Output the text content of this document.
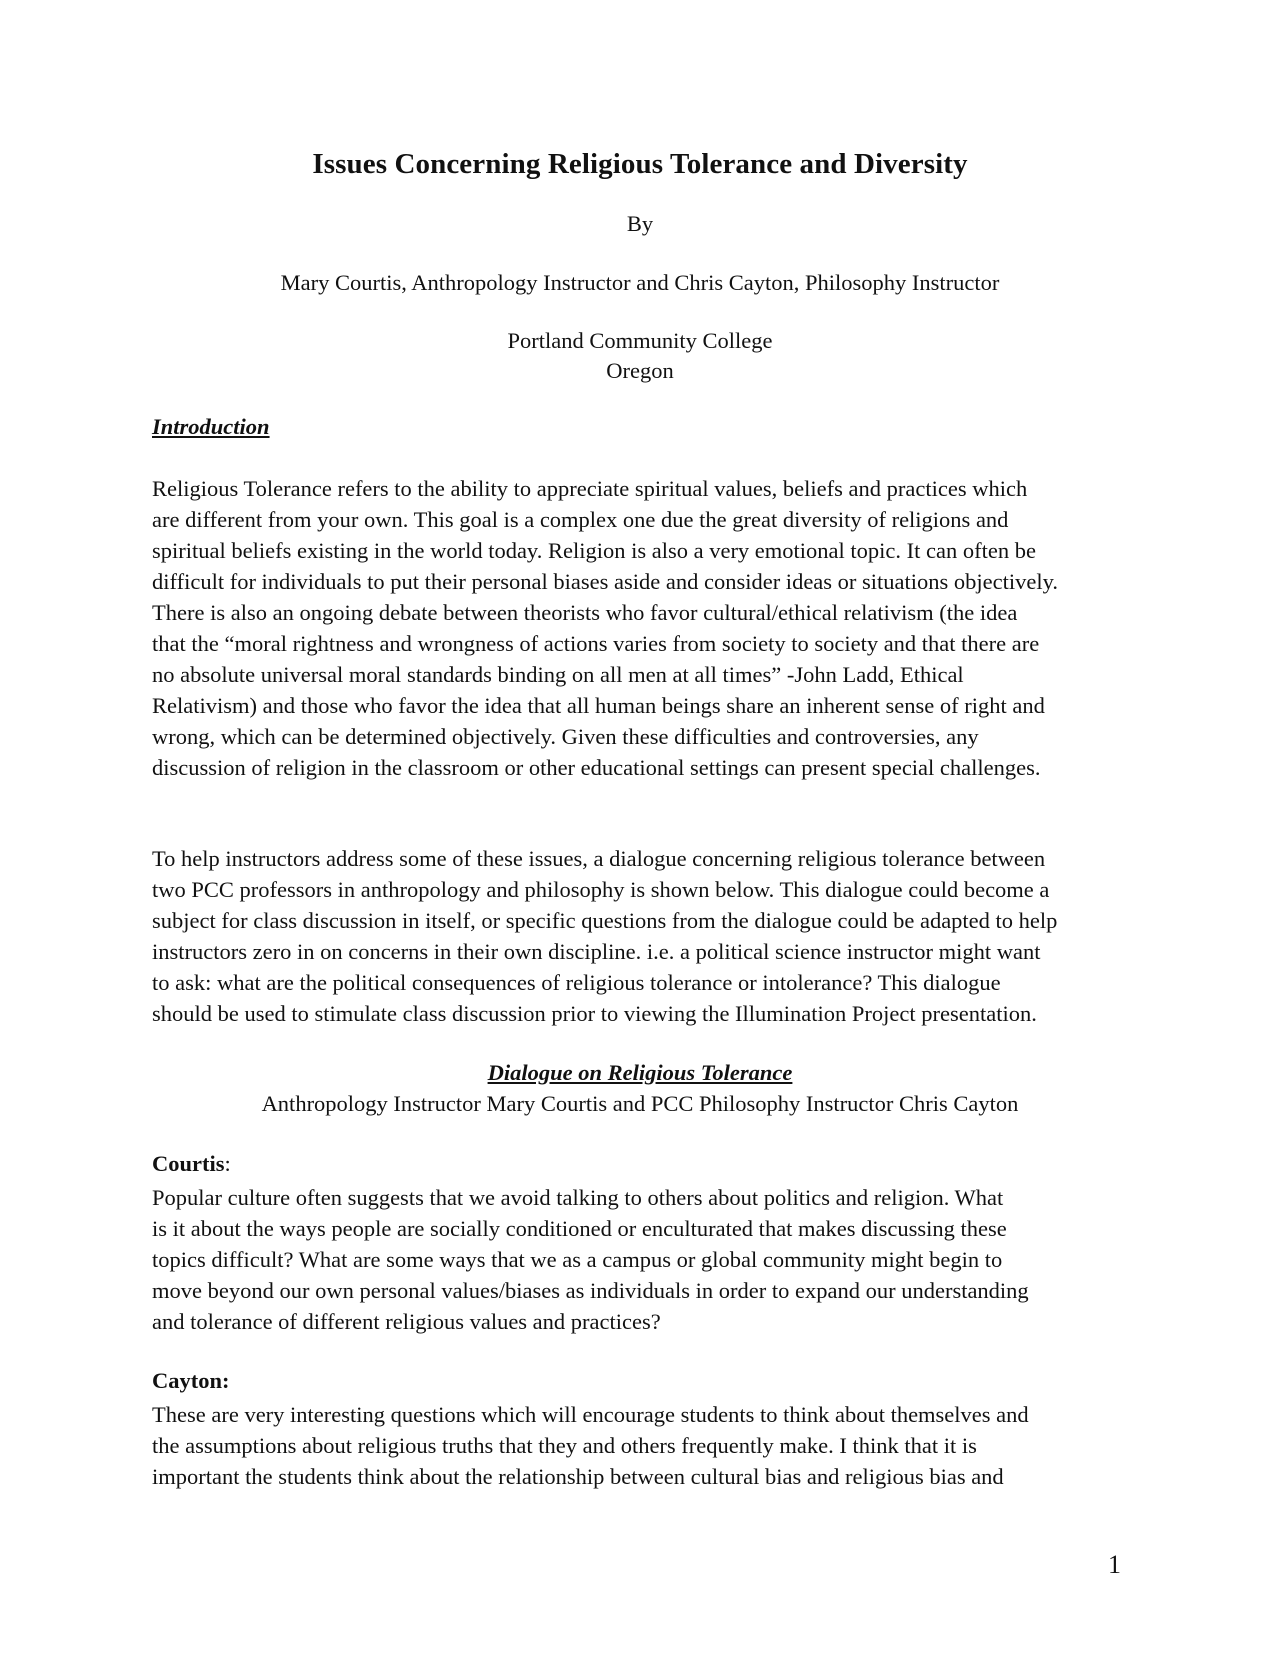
Issues Concerning Religious Tolerance and Diversity
By
Mary Courtis, Anthropology Instructor and Chris Cayton, Philosophy Instructor
Portland Community College
Oregon
Introduction
Religious Tolerance refers to the ability to appreciate spiritual values, beliefs and practices which
are different from your own. This goal is a complex one due the great diversity of religions and
spiritual beliefs existing in the world today. Religion is also a very emotional topic. It can often be
difficult for individuals to put their personal biases aside and consider ideas or situations objectively.
There is also an ongoing debate between theorists who favor cultural/ethical relativism (the idea
that the “moral rightness and wrongness of actions varies from society to society and that there are
no absolute universal moral standards binding on all men at all times” -John Ladd, Ethical
Relativism) and those who favor the idea that all human beings share an inherent sense of right and
wrong, which can be determined objectively. Given these difficulties and controversies, any
discussion of religion in the classroom or other educational settings can present special challenges.
To help instructors address some of these issues, a dialogue concerning religious tolerance between
two PCC professors in anthropology and philosophy is shown below. This dialogue could become a
subject for class discussion in itself, or specific questions from the dialogue could be adapted to help
instructors zero in on concerns in their own discipline. i.e. a political science instructor might want
to ask: what are the political consequences of religious tolerance or intolerance? This dialogue
should be used to stimulate class discussion prior to viewing the Illumination Project presentation.
Dialogue on Religious Tolerance
Anthropology Instructor Mary Courtis and PCC Philosophy Instructor Chris Cayton
Courtis:
Popular culture often suggests that we avoid talking to others about politics and religion. What
is it about the ways people are socially conditioned or enculturated that makes discussing these
topics difficult? What are some ways that we as a campus or global community might begin to
move beyond our own personal values/biases as individuals in order to expand our understanding
and tolerance of different religious values and practices?
Cayton:
These are very interesting questions which will encourage students to think about themselves and
the assumptions about religious truths that they and others frequently make. I think that it is
important the students think about the relationship between cultural bias and religious bias and
1
